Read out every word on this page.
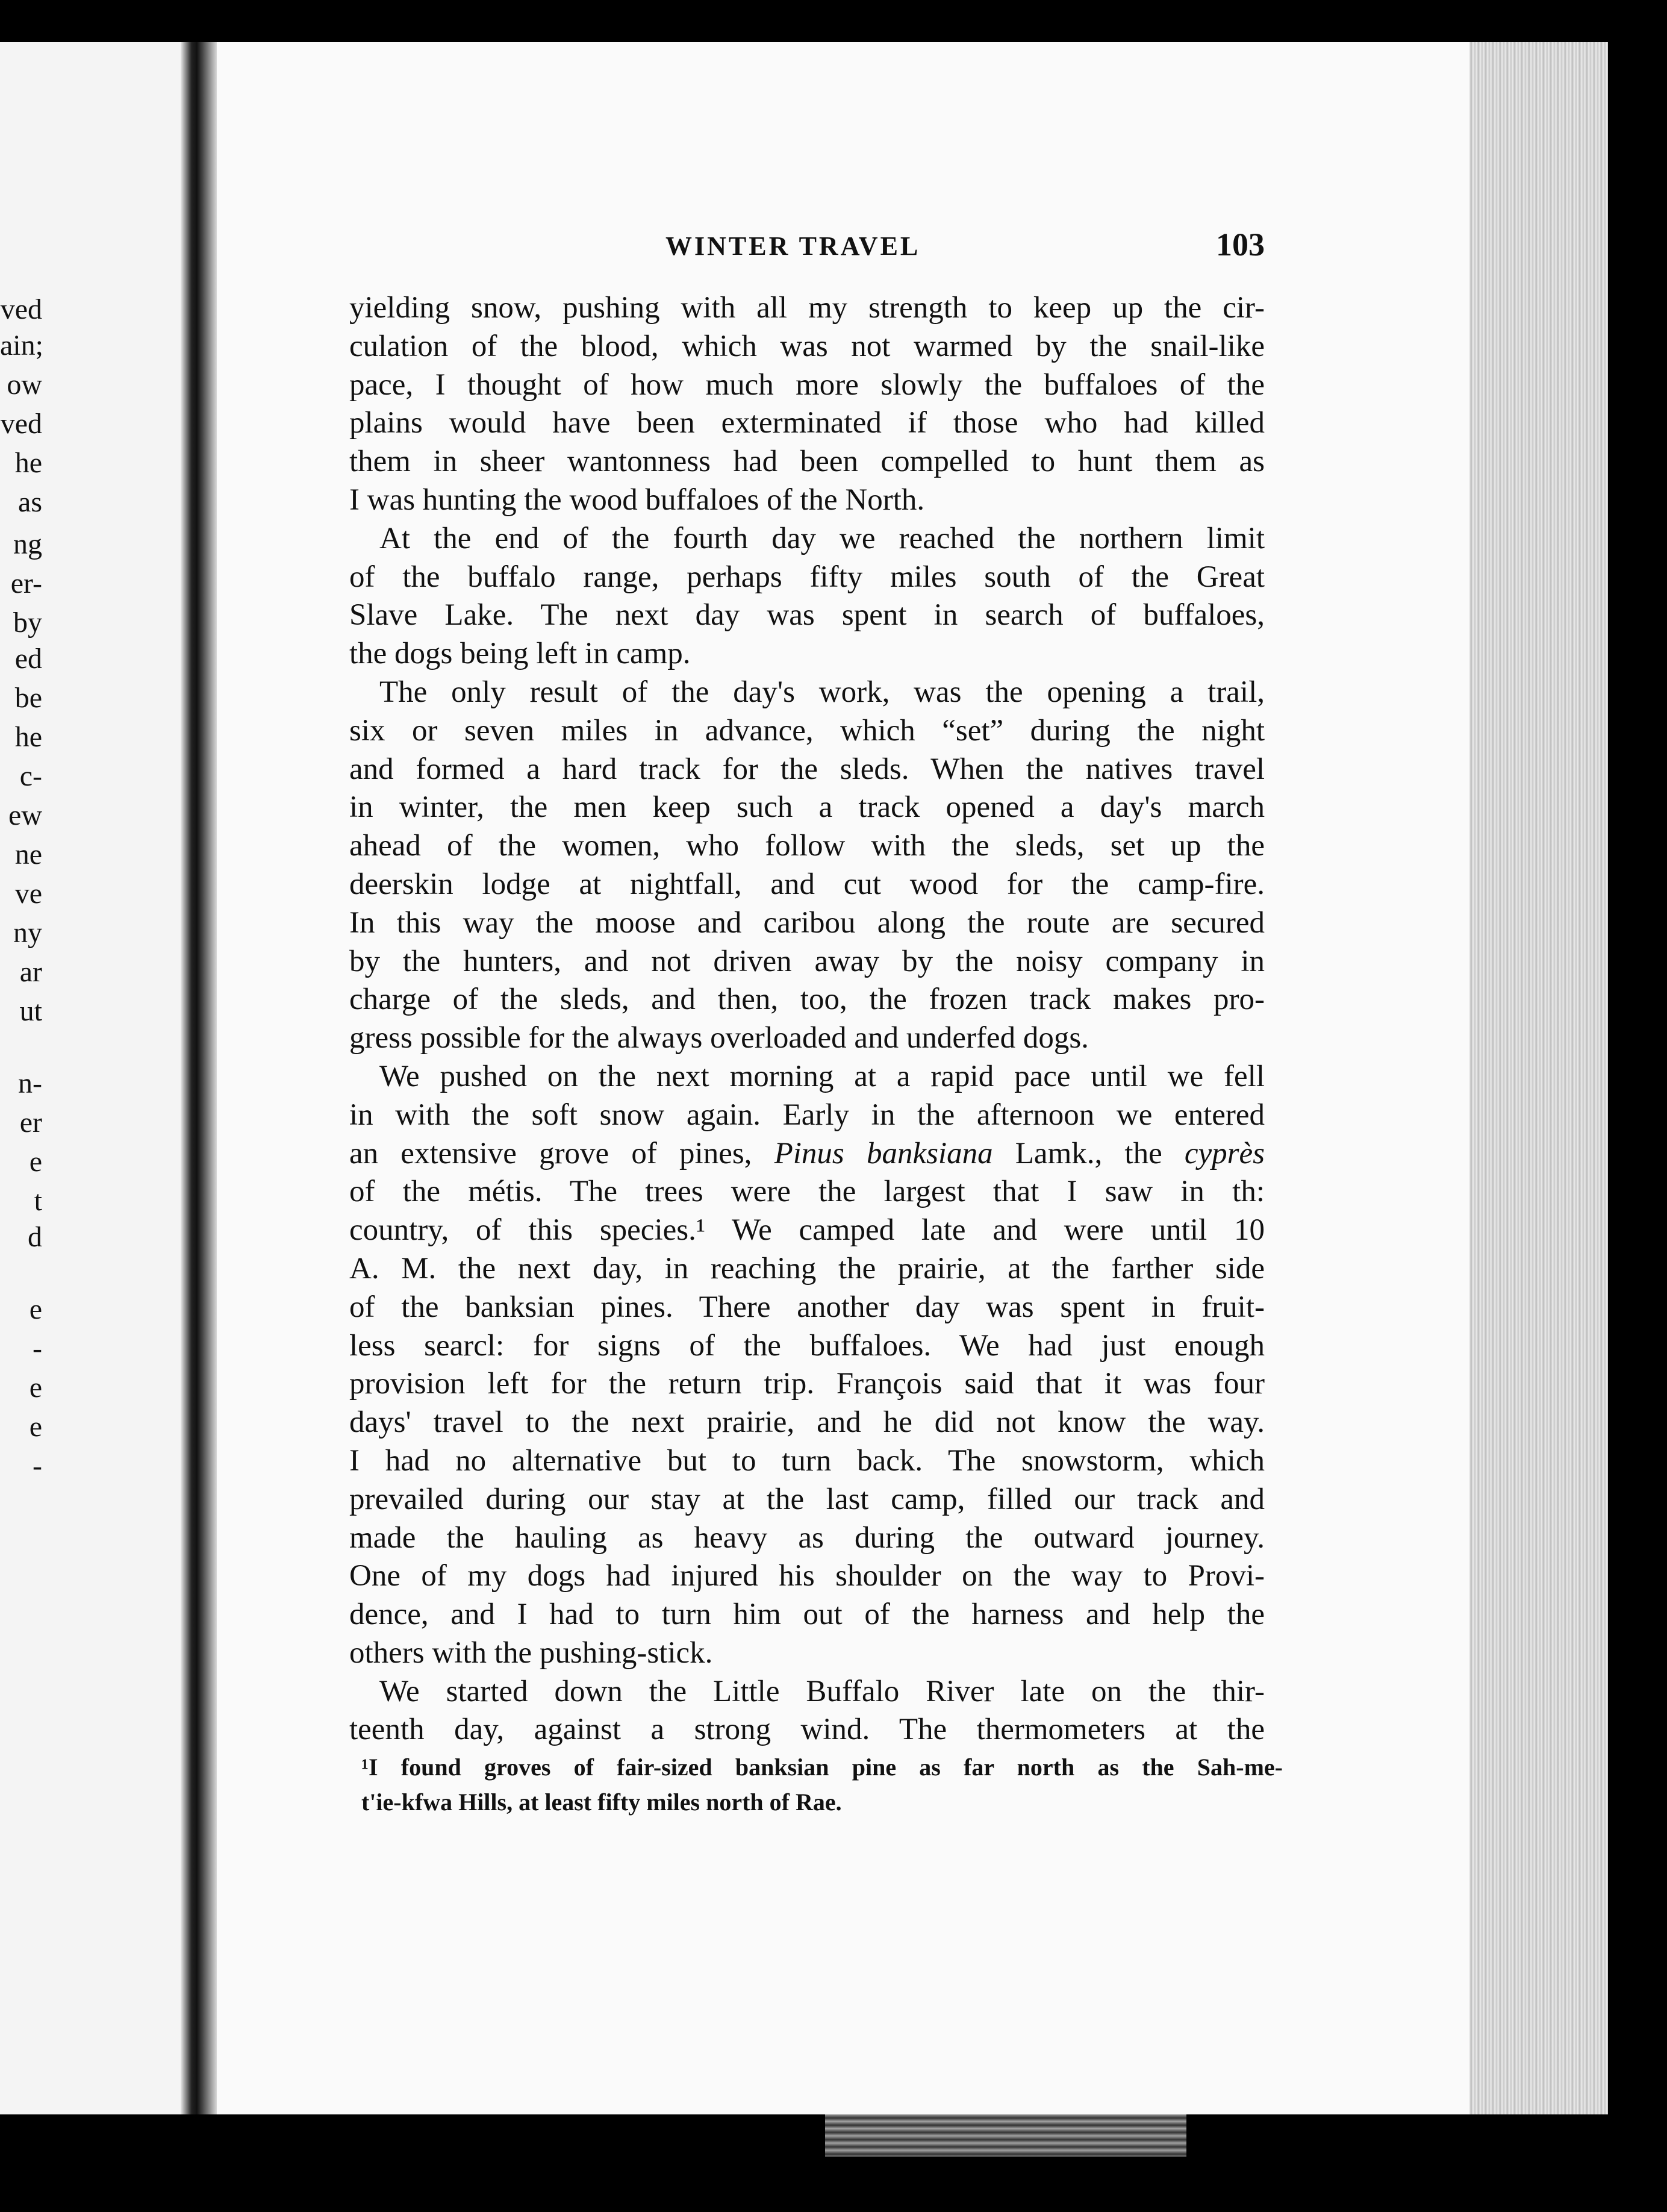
ved
ain;
ow
ved
he
as
ng
er-
by
ed
be
he
c-
ew
ne
ve
ny
ar
ut
n-
er
e
t
d
e
-
e
e
-
WINTER TRAVEL	103
yielding snow, pushing with all my strength to keep up the cir-
culation of the blood, which was not warmed by the snail-like
pace, I thought of how much more slowly the buffaloes of the
plains would have been exterminated if those who had killed
them in sheer wantonness had been compelled to hunt them as
I was hunting the wood buffaloes of the North.
At the end of the fourth day we reached the northern limit
of the buffalo range, perhaps fifty miles south of the Great
Slave Lake. The next day was spent in search of buffaloes,
the dogs being left in camp.
The only result of the day's work, was the opening a trail,
six or seven miles in advance, which “set” during the night
and formed a hard track for the sleds. When the natives travel
in winter, the men keep such a track opened a day's march
ahead of the women, who follow with the sleds, set up the
deerskin lodge at nightfall, and cut wood for the camp-fire.
In this way the moose and caribou along the route are secured
by the hunters, and not driven away by the noisy company in
charge of the sleds, and then, too, the frozen track makes pro-
gress possible for the always overloaded and underfed dogs.
We pushed on the next morning at a rapid pace until we fell
in with the soft snow again. Early in the afternoon we entered
an extensive grove of pines, Pinus banksiana Lamk., the cyprès
of the métis. The trees were the largest that I saw in th:
country, of this species.¹ We camped late and were until 10
A. M. the next day, in reaching the prairie, at the farther side
of the banksian pines. There another day was spent in fruit-
less searcl: for signs of the buffaloes. We had just enough
provision left for the return trip. François said that it was four
days' travel to the next prairie, and he did not know the way.
I had no alternative but to turn back. The snowstorm, which
prevailed during our stay at the last camp, filled our track and
made the hauling as heavy as during the outward journey.
One of my dogs had injured his shoulder on the way to Provi-
dence, and I had to turn him out of the harness and help the
others with the pushing-stick.
We started down the Little Buffalo River late on the thir-
teenth day, against a strong wind. The thermometers at the
¹I found groves of fair-sized banksian pine as far north as the Sah-me-
t'ie-kfwa Hills, at least fifty miles north of Rae.
